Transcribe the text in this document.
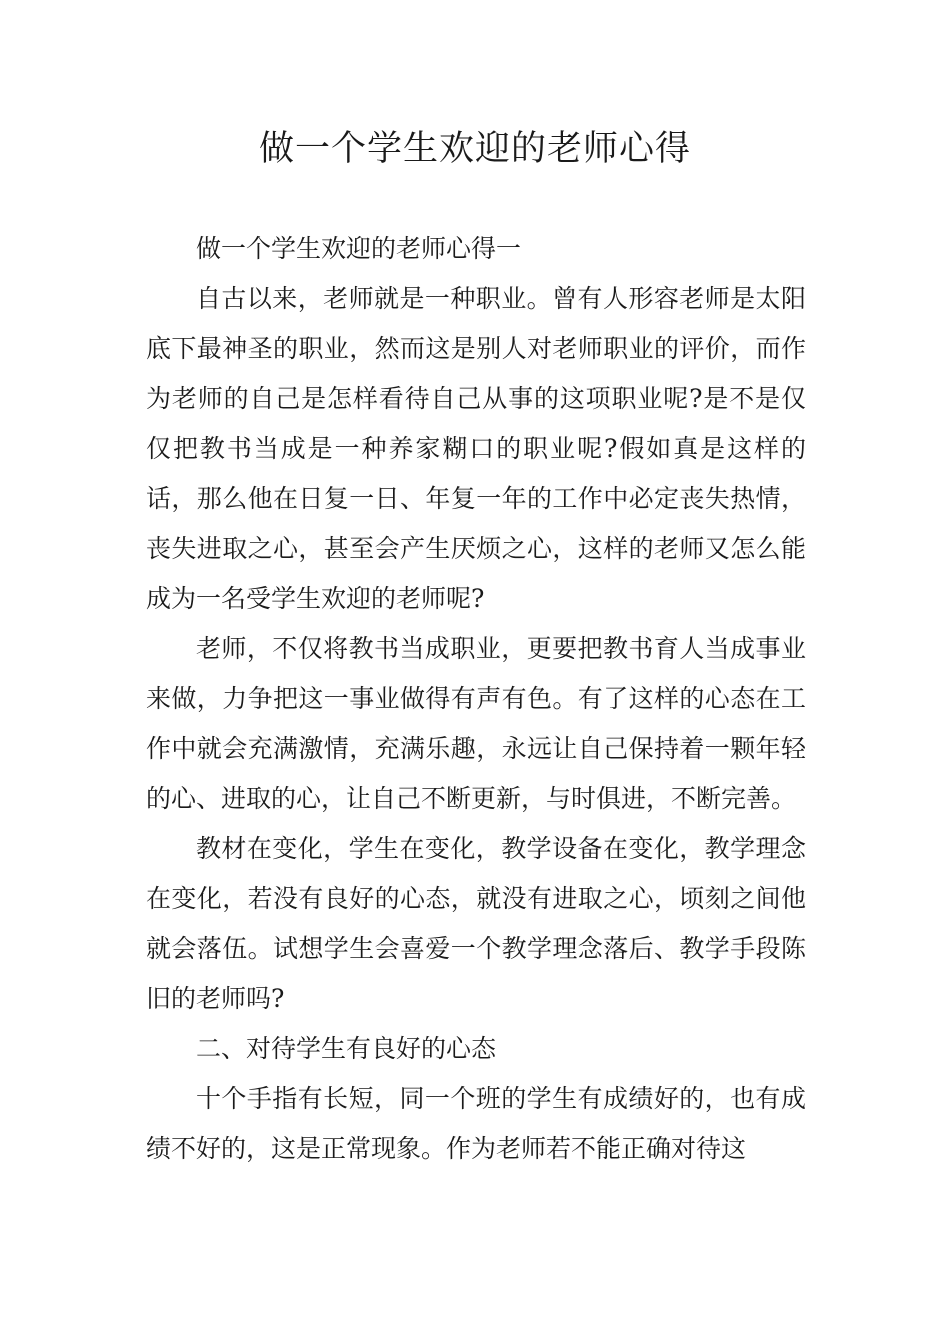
做一个学生欢迎的老师心得

做一个学生欢迎的老师心得一

自古以来，老师就是一种职业。曾有人形容老师是太阳底下最神圣的职业，然而这是别人对老师职业的评价，而作为老师的自己是怎样看待自己从事的这项职业呢?是不是仅仅把教书当成是一种养家糊口的职业呢?假如真是这样的话，那么他在日复一日、年复一年的工作中必定丧失热情，丧失进取之心，甚至会产生厌烦之心，这样的老师又怎么能成为一名受学生欢迎的老师呢?

老师，不仅将教书当成职业，更要把教书育人当成事业来做，力争把这一事业做得有声有色。有了这样的心态在工作中就会充满激情，充满乐趣，永远让自己保持着一颗年轻的心、进取的心，让自己不断更新，与时俱进，不断完善。

教材在变化，学生在变化，教学设备在变化，教学理念在变化，若没有良好的心态，就没有进取之心，顷刻之间他就会落伍。试想学生会喜爱一个教学理念落后、教学手段陈旧的老师吗?

二、对待学生有良好的心态

十个手指有长短，同一个班的学生有成绩好的，也有成绩不好的，这是正常现象。作为老师若不能正确对待这
